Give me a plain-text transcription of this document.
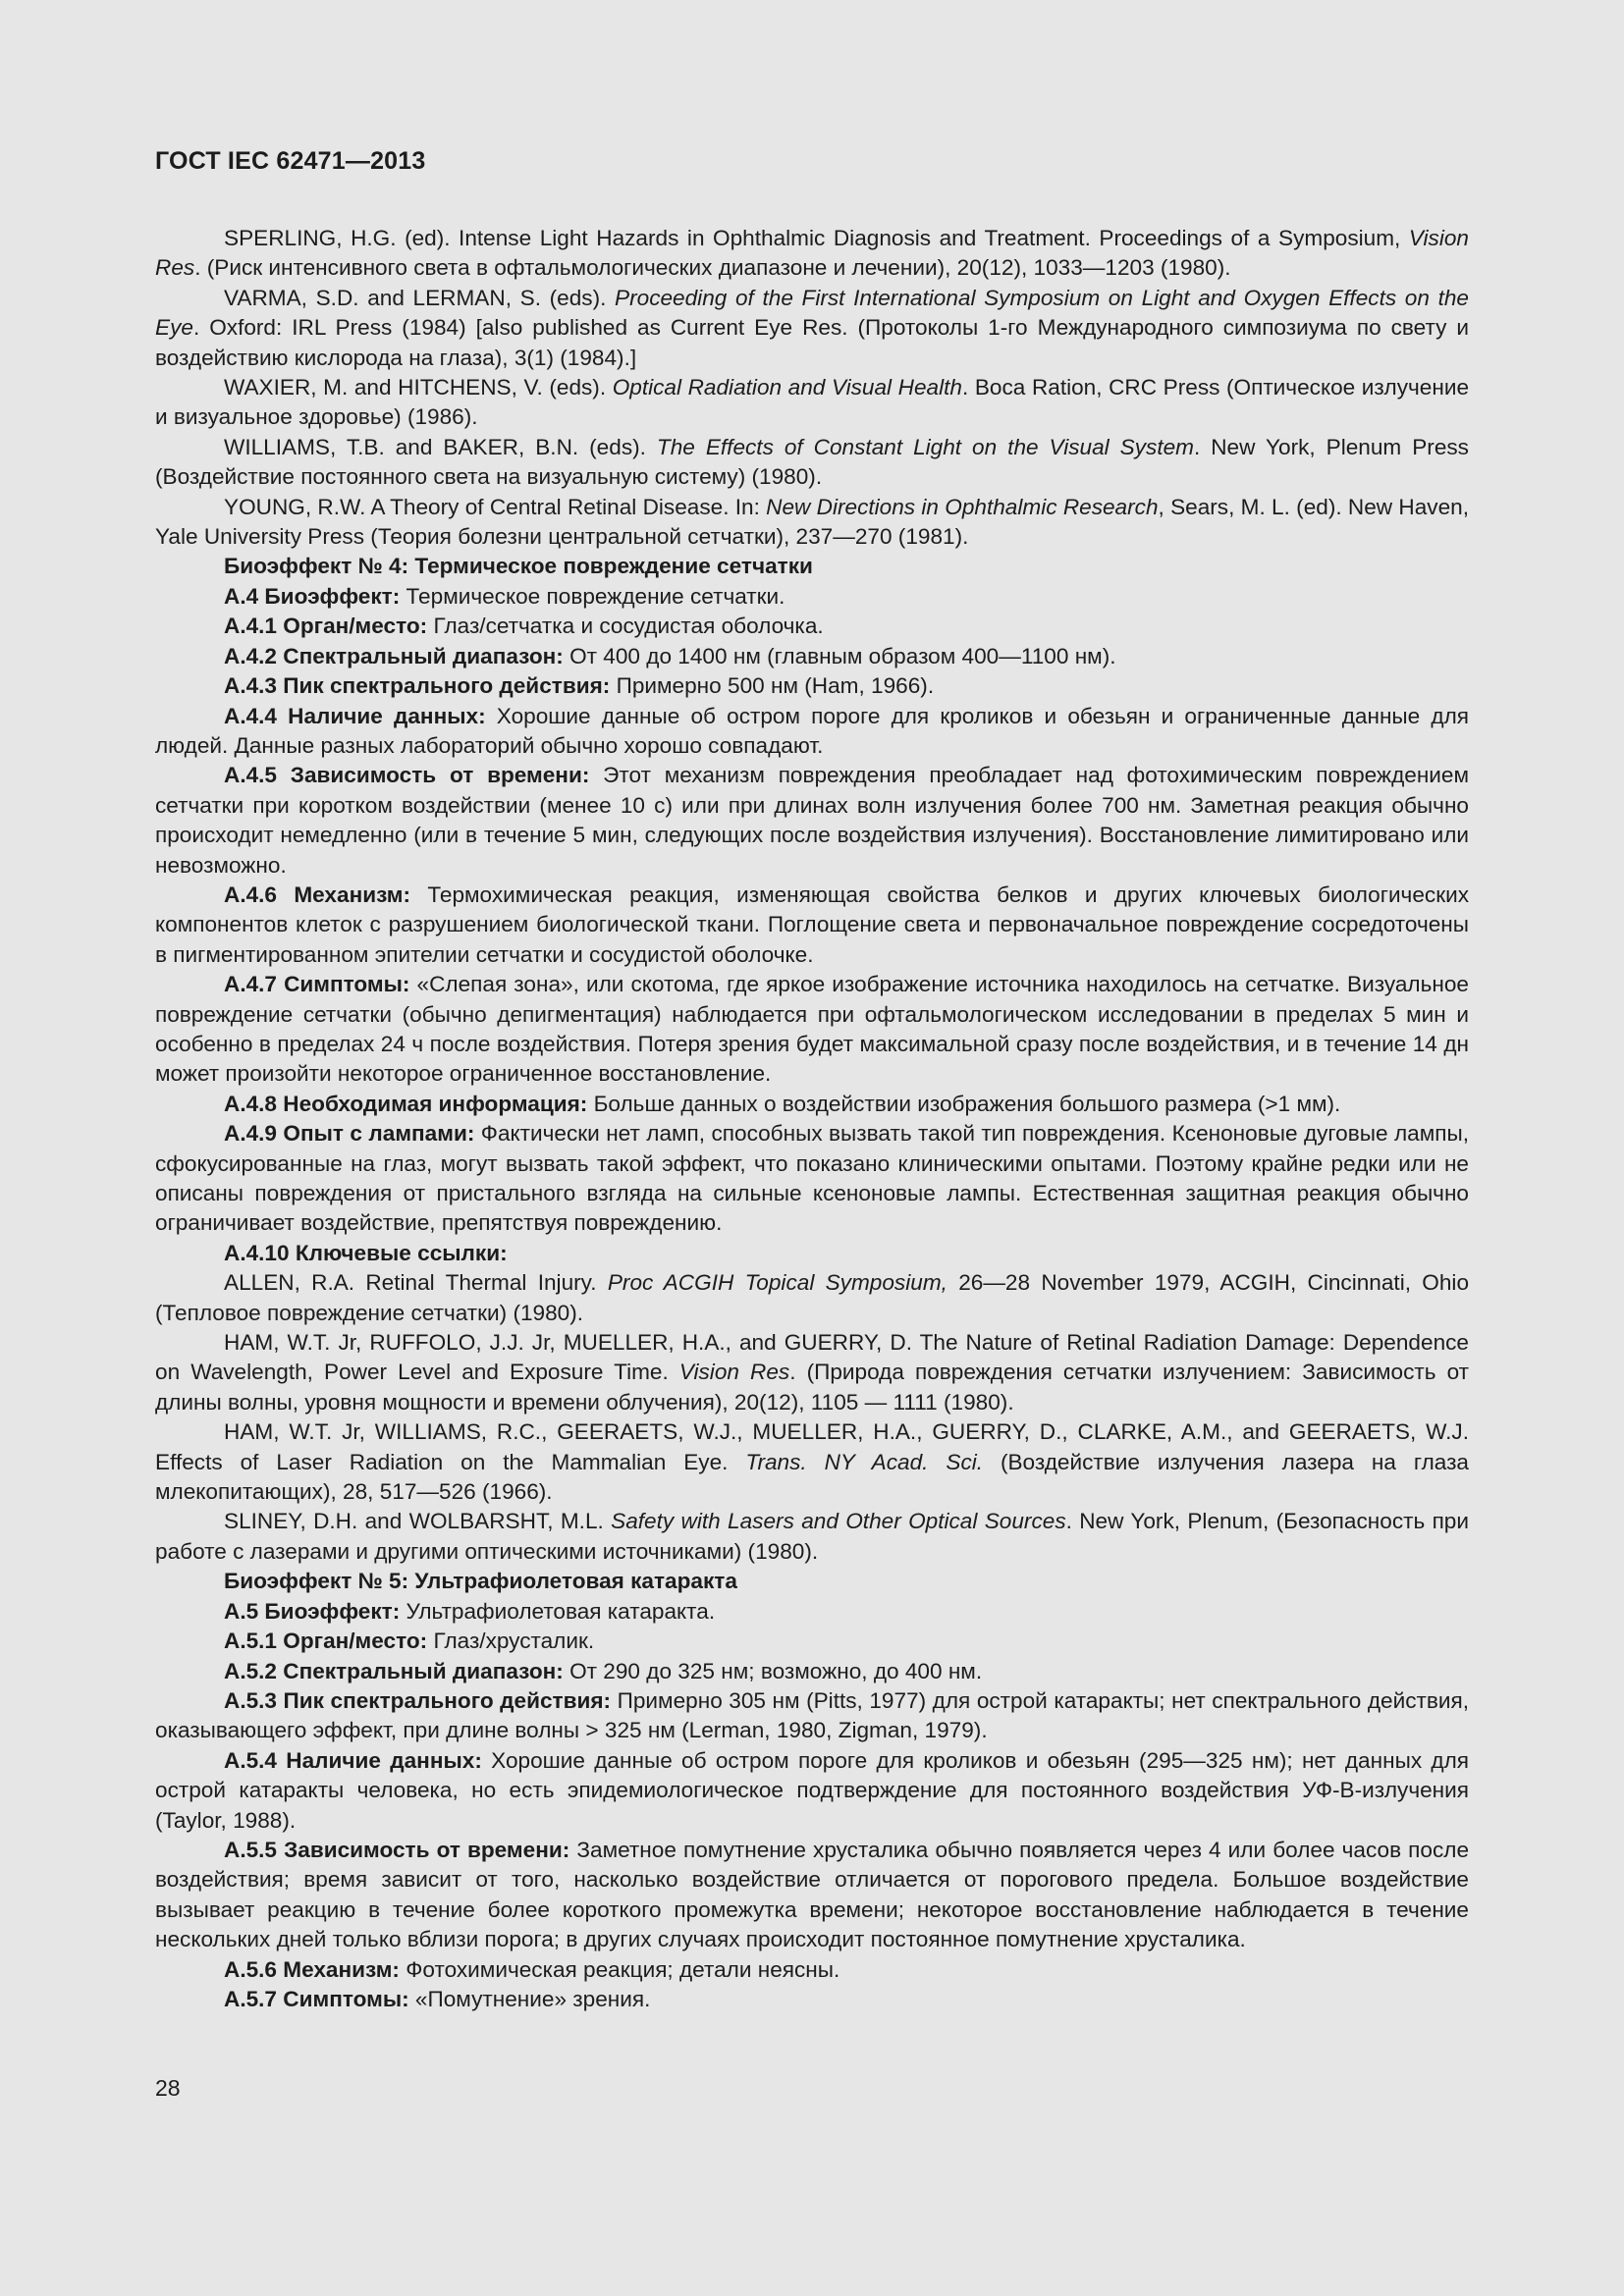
ГОСТ IEC 62471—2013

SPERLING, H.G. (ed). Intense Light Hazards in Ophthalmic Diagnosis and Treatment. Proceedings of a Symposium, Vision Res. (Риск интенсивного света в офтальмологических диапазоне и лечении), 20(12), 1033—1203 (1980).

VARMA, S.D. and LERMAN, S. (eds). Proceeding of the First International Symposium on Light and Oxygen Effects on the Eye. Oxford: IRL Press (1984) [also published as Current Eye Res. (Протоколы 1-го Международного симпозиума по свету и воздействию кислорода на глаза), 3(1) (1984).]

WAXIER, M. and HITCHENS, V. (eds). Optical Radiation and Visual Health. Boca Ration, CRC Press (Оптическое излучение и визуальное здоровье) (1986).

WILLIAMS, T.B. and BAKER, B.N. (eds). The Effects of Constant Light on the Visual System. New York, Plenum Press (Воздействие постоянного света на визуальную систему) (1980).

YOUNG, R.W. A Theory of Central Retinal Disease. In: New Directions in Ophthalmic Research, Sears, M. L. (ed). New Haven, Yale University Press (Теория болезни центральной сетчатки), 237—270 (1981).

Биоэффект № 4: Термическое повреждение сетчатки

А.4 Биоэффект: Термическое повреждение сетчатки.

А.4.1 Орган/место: Глаз/сетчатка и сосудистая оболочка.

А.4.2 Спектральный диапазон: От 400 до 1400 нм (главным образом 400—1100 нм).

А.4.3 Пик спектрального действия: Примерно 500 нм (Ham, 1966).

А.4.4 Наличие данных: Хорошие данные об остром пороге для кроликов и обезьян и ограниченные данные для людей. Данные разных лабораторий обычно хорошо совпадают.

А.4.5 Зависимость от времени: Этот механизм повреждения преобладает над фотохимическим повреждением сетчатки при коротком воздействии (менее 10 с) или при длинах волн излучения более 700 нм. Заметная реакция обычно происходит немедленно (или в течение 5 мин, следующих после воздействия излучения). Восстановление лимитировано или невозможно.

А.4.6 Механизм: Термохимическая реакция, изменяющая свойства белков и других ключевых биологических компонентов клеток с разрушением биологической ткани. Поглощение света и первоначальное повреждение сосредоточены в пигментированном эпителии сетчатки и сосудистой оболочке.

А.4.7 Симптомы: «Слепая зона», или скотома, где яркое изображение источника находилось на сетчатке. Визуальное повреждение сетчатки (обычно депигментация) наблюдается при офтальмологическом исследовании в пределах 5 мин и особенно в пределах 24 ч после воздействия. Потеря зрения будет максимальной сразу после воздействия, и в течение 14 дн может произойти некоторое ограниченное восстановление.

А.4.8 Необходимая информация: Больше данных о воздействии изображения большого размера (>1 мм).

А.4.9 Опыт с лампами: Фактически нет ламп, способных вызвать такой тип повреждения. Ксеноновые дуговые лампы, сфокусированные на глаз, могут вызвать такой эффект, что показано клиническими опытами. Поэтому крайне редки или не описаны повреждения от пристального взгляда на сильные ксеноновые лампы. Естественная защитная реакция обычно ограничивает воздействие, препятствуя повреждению.

А.4.10 Ключевые ссылки:

ALLEN, R.A. Retinal Thermal Injury. Proc ACGIH Topical Symposium, 26—28 November 1979, ACGIH, Cincinnati, Ohio (Тепловое повреждение сетчатки) (1980).

HAM, W.T. Jr, RUFFOLO, J.J. Jr, MUELLER, H.A., and GUERRY, D. The Nature of Retinal Radiation Damage: Dependence on Wavelength, Power Level and Exposure Time. Vision Res. (Природа повреждения сетчатки излучением: Зависимость от длины волны, уровня мощности и времени облучения), 20(12), 1105 — 1111 (1980).

HAM, W.T. Jr, WILLIAMS, R.C., GEERAETS, W.J., MUELLER, H.A., GUERRY, D., CLARKE, A.M., and GEERAETS, W.J. Effects of Laser Radiation on the Mammalian Eye. Trans. NY Acad. Sci. (Воздействие излучения лазера на глаза млекопитающих), 28, 517—526 (1966).

SLINEY, D.H. and WOLBARSHT, M.L. Safety with Lasers and Other Optical Sources. New York, Plenum, (Безопасность при работе с лазерами и другими оптическими источниками) (1980).

Биоэффект № 5: Ультрафиолетовая катаракта

А.5 Биоэффект: Ультрафиолетовая катаракта.

А.5.1 Орган/место: Глаз/хрусталик.

А.5.2 Спектральный диапазон: От 290 до 325 нм; возможно, до 400 нм.

А.5.3 Пик спектрального действия: Примерно 305 нм (Pitts, 1977) для острой катаракты; нет спектрального действия, оказывающего эффект, при длине волны > 325 нм (Lerman, 1980, Zigman, 1979).

А.5.4 Наличие данных: Хорошие данные об остром пороге для кроликов и обезьян (295—325 нм); нет данных для острой катаракты человека, но есть эпидемиологическое подтверждение для постоянного воздействия УФ-В-излучения (Taylor, 1988).

А.5.5 Зависимость от времени: Заметное помутнение хрусталика обычно появляется через 4 или более часов после воздействия; время зависит от того, насколько воздействие отличается от порогового предела. Большое воздействие вызывает реакцию в течение более короткого промежутка времени; некоторое восстановление наблюдается в течение нескольких дней только вблизи порога; в других случаях происходит постоянное помутнение хрусталика.

А.5.6 Механизм: Фотохимическая реакция; детали неясны.

А.5.7 Симптомы: «Помутнение» зрения.

28
